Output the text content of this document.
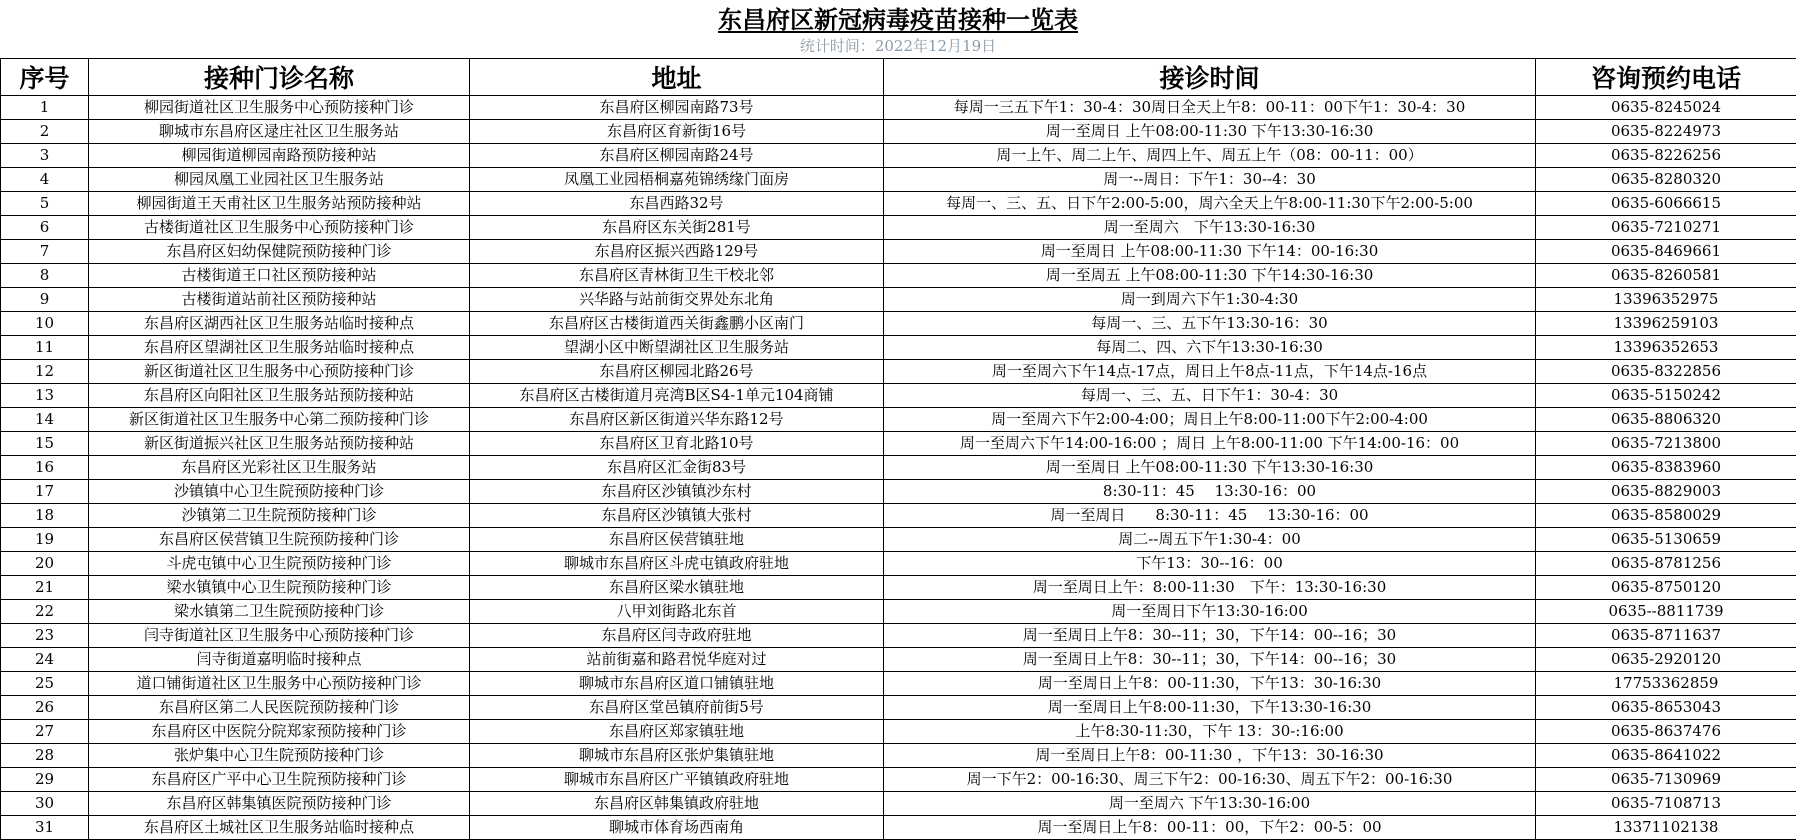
东昌府区新冠病毒疫苗接种一览表
统计时间：2022年12月19日
序号	接种门诊名称	地址	接诊时间	咨询预约电话
1	柳园街道社区卫生服务中心预防接种门诊	东昌府区柳园南路73号	每周一三五下午1：30-4：30周日全天上午8：00-11：00下午1：30-4：30	0635-8245024
2	聊城市东昌府区逯庄社区卫生服务站	东昌府区育新街16号	周一至周日 上午08:00-11:30 下午13:30-16:30	0635-8224973
3	柳园街道柳园南路预防接种站	东昌府区柳园南路24号	周一上午、周二上午、周四上午、周五上午（08：00-11：00）	0635-8226256
4	柳园凤凰工业园社区卫生服务站	凤凰工业园梧桐嘉苑锦绣缘门面房	周一--周日：下午1：30--4：30	0635-8280320
5	柳园街道王天甫社区卫生服务站预防接种站	东昌西路32号	每周一、三、五、日下午2:00-5:00，周六全天上午8:00-11:30下午2:00-5:00	0635-6066615
6	古楼街道社区卫生服务中心预防接种门诊	东昌府区东关街281号	周一至周六　下午13:30-16:30	0635-7210271
7	东昌府区妇幼保健院预防接种门诊	东昌府区振兴西路129号	周一至周日 上午08:00-11:30 下午14：00-16:30	0635-8469661
8	古楼街道王口社区预防接种站	东昌府区青林街卫生干校北邻	周一至周五 上午08:00-11:30 下午14:30-16:30	0635-8260581
9	古楼街道站前社区预防接种站	兴华路与站前街交界处东北角	周一到周六下午1:30-4:30	13396352975
10	东昌府区湖西社区卫生服务站临时接种点	东昌府区古楼街道西关街鑫鹏小区南门	每周一、三、五下午13:30-16：30	13396259103
11	东昌府区望湖社区卫生服务站临时接种点	望湖小区中断望湖社区卫生服务站	每周二、四、六下午13:30-16:30	13396352653
12	新区街道社区卫生服务中心预防接种门诊	东昌府区柳园北路26号	周一至周六下午14点-17点，周日上午8点-11点，下午14点-16点	0635-8322856
13	东昌府区向阳社区卫生服务站预防接种站	东昌府区古楼街道月亮湾B区S4-1单元104商铺	每周一、三、五、日下午1：30-4：30	0635-5150242
14	新区街道社区卫生服务中心第二预防接种门诊	东昌府区新区街道兴华东路12号	周一至周六下午2:00-4:00；周日上午8:00-11:00下午2:00-4:00	0635-8806320
15	新区街道振兴社区卫生服务站预防接种站	东昌府区卫育北路10号	周一至周六下午14:00-16:00 ；周日 上午8:00-11:00 下午14:00-16：00	0635-7213800
16	东昌府区光彩社区卫生服务站	东昌府区汇金街83号	周一至周日 上午08:00-11:30 下午13:30-16:30	0635-8383960
17	沙镇镇中心卫生院预防接种门诊	东昌府区沙镇镇沙东村	8:30-11：45　 13:30-16：00	0635-8829003
18	沙镇第二卫生院预防接种门诊	东昌府区沙镇镇大张村	周一至周日　　8:30-11：45　 13:30-16：00	0635-8580029
19	东昌府区侯营镇卫生院预防接种门诊	东昌府区侯营镇驻地	周二--周五下午1:30-4：00	0635-5130659
20	斗虎屯镇中心卫生院预防接种门诊	聊城市东昌府区斗虎屯镇政府驻地	下午13：30--16：00	0635-8781256
21	梁水镇镇中心卫生院预防接种门诊	东昌府区梁水镇驻地	周一至周日上午：8:00-11:30　下午：13:30-16:30	0635-8750120
22	梁水镇第二卫生院预防接种门诊	八甲刘街路北东首	周一至周日下午13:30-16:00	0635--8811739
23	闫寺街道社区卫生服务中心预防接种门诊	东昌府区闫寺政府驻地	周一至周日上午8：30--11；30，下午14：00--16；30	0635-8711637
24	闫寺街道嘉明临时接种点	站前街嘉和路君悦华庭对过	周一至周日上午8：30--11；30，下午14：00--16；30	0635-2920120
25	道口铺街道社区卫生服务中心预防接种门诊	聊城市东昌府区道口铺镇驻地	周一至周日上午8：00-11:30，下午13：30-16:30	17753362859
26	东昌府区第二人民医院预防接种门诊	东昌府区堂邑镇府前街5号	周一至周日上午8:00-11:30，下午13:30-16:30	0635-8653043
27	东昌府区中医院分院郑家预防接种门诊	东昌府区郑家镇驻地	上午8:30-11:30，下午 13：30-:16:00	0635-8637476
28	张炉集中心卫生院预防接种门诊	聊城市东昌府区张炉集镇驻地	周一至周日上午8：00-11:30 ，下午13：30-16:30	0635-8641022
29	东昌府区广平中心卫生院预防接种门诊	聊城市东昌府区广平镇镇政府驻地	周一下午2：00-16:30、周三下午2：00-16:30、周五下午2：00-16:30	0635-7130969
30	东昌府区韩集镇医院预防接种门诊	东昌府区韩集镇政府驻地	周一至周六 下午13:30-16:00	0635-7108713
31	东昌府区土城社区卫生服务站临时接种点	聊城市体育场西南角	周一至周日上午8：00-11：00，下午2：00-5：00	13371102138
